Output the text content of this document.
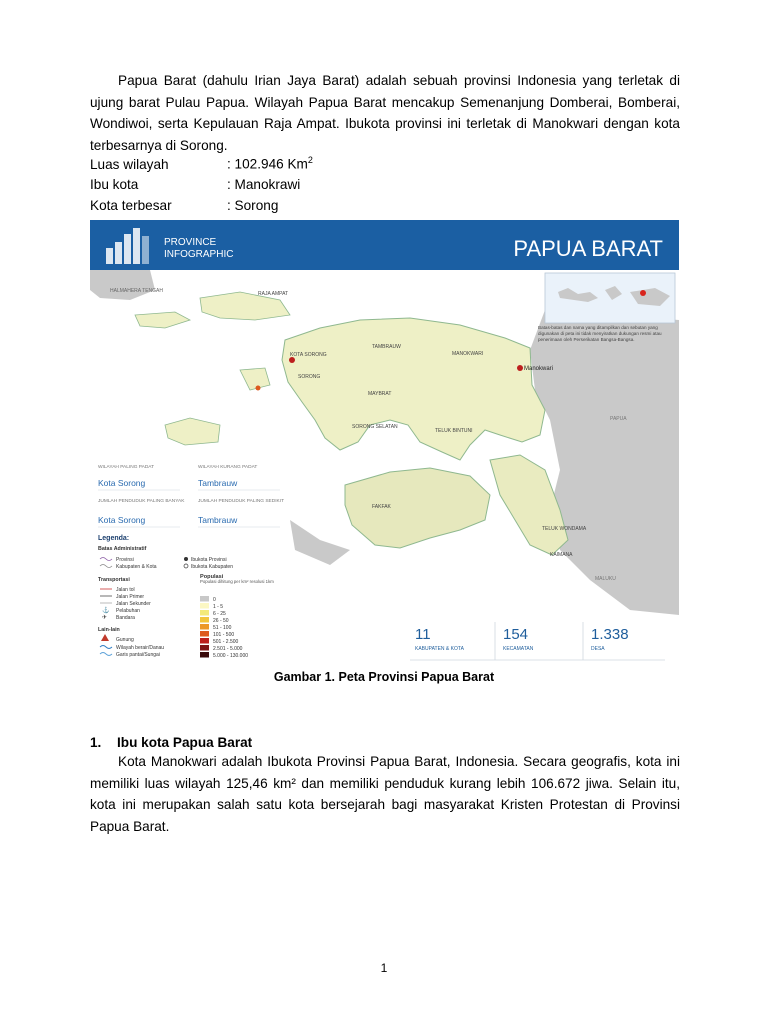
Papua Barat (dahulu Irian Jaya Barat) adalah sebuah provinsi Indonesia yang terletak di ujung barat Pulau Papua. Wilayah Papua Barat mencakup Semenanjung Domberai, Bomberai, Wondiwoi, serta Kepulauan Raja Ampat. Ibukota provinsi ini terletak di Manokwari dengan kota terbesarnya di Sorong.
Luas wilayah	: 102.946 Km$^2$
Ibu kota	: Manokrawi
Kota terbesar	: Sorong
PROVINCE
INFOGRAPHIC	PAPUA BARAT
Batas-batas dan nama yang ditampilkan dan sebutan yang digunakan di peta ini tidak menyiratkan dukungan resmi atau penerimaan oleh Perserikatan Bangsa-Bangsa.
HALMAHERA TENGAH	RAJA AMPAT
KOTA SORONG
SORONG
TAMBRAUW
MANOKWARI
Manokwari
MAYBRAT
SORONG SELATAN
TELUK BINTUNI
FAKFAK
TELUK WONDAMA
KAIMANA
PAPUA
MALUKU
WILAYAH PALING PADAT
Kota Sorong
JUMLAH PENDUDUK PALING BANYAK
Kota Sorong
WILAYAH KURANG PADAT
Tambrauw
JUMLAH PENDUDUK PALING SEDIKIT
Tambrauw
Legenda:
Batas Administratif
Provinsi
Kabupaten & Kota
Ibukota Provinsi
Ibukota Kabupaten
Transportasi
Jalan tol
Jalan Primer
Jalan Sekunder
⚓ Pelabuhan
✈ Bandara
Lain-lain
Gunung
Wilayah berair/Danau
Garis pantai/Sungai
Populasi
Populasi dihitung per km² resolusi 1km
0
1 - 5
6 - 25
26 - 50
51 - 100
101 - 500
501 - 2.500
2.501 - 5.000
5.000 - 130.000
11
KABUPATEN & KOTA
154
KECAMATAN
1.338
DESA
Gambar 1. Peta Provinsi Papua Barat
1. Ibu kota Papua Barat
Kota Manokwari adalah Ibukota Provinsi Papua Barat, Indonesia. Secara geografis, kota ini memiliki luas wilayah 125,46 km² dan memiliki penduduk kurang lebih 106.672 jiwa. Selain itu, kota ini merupakan salah satu kota bersejarah bagi masyarakat Kristen Protestan di Provinsi Papua Barat.
1
